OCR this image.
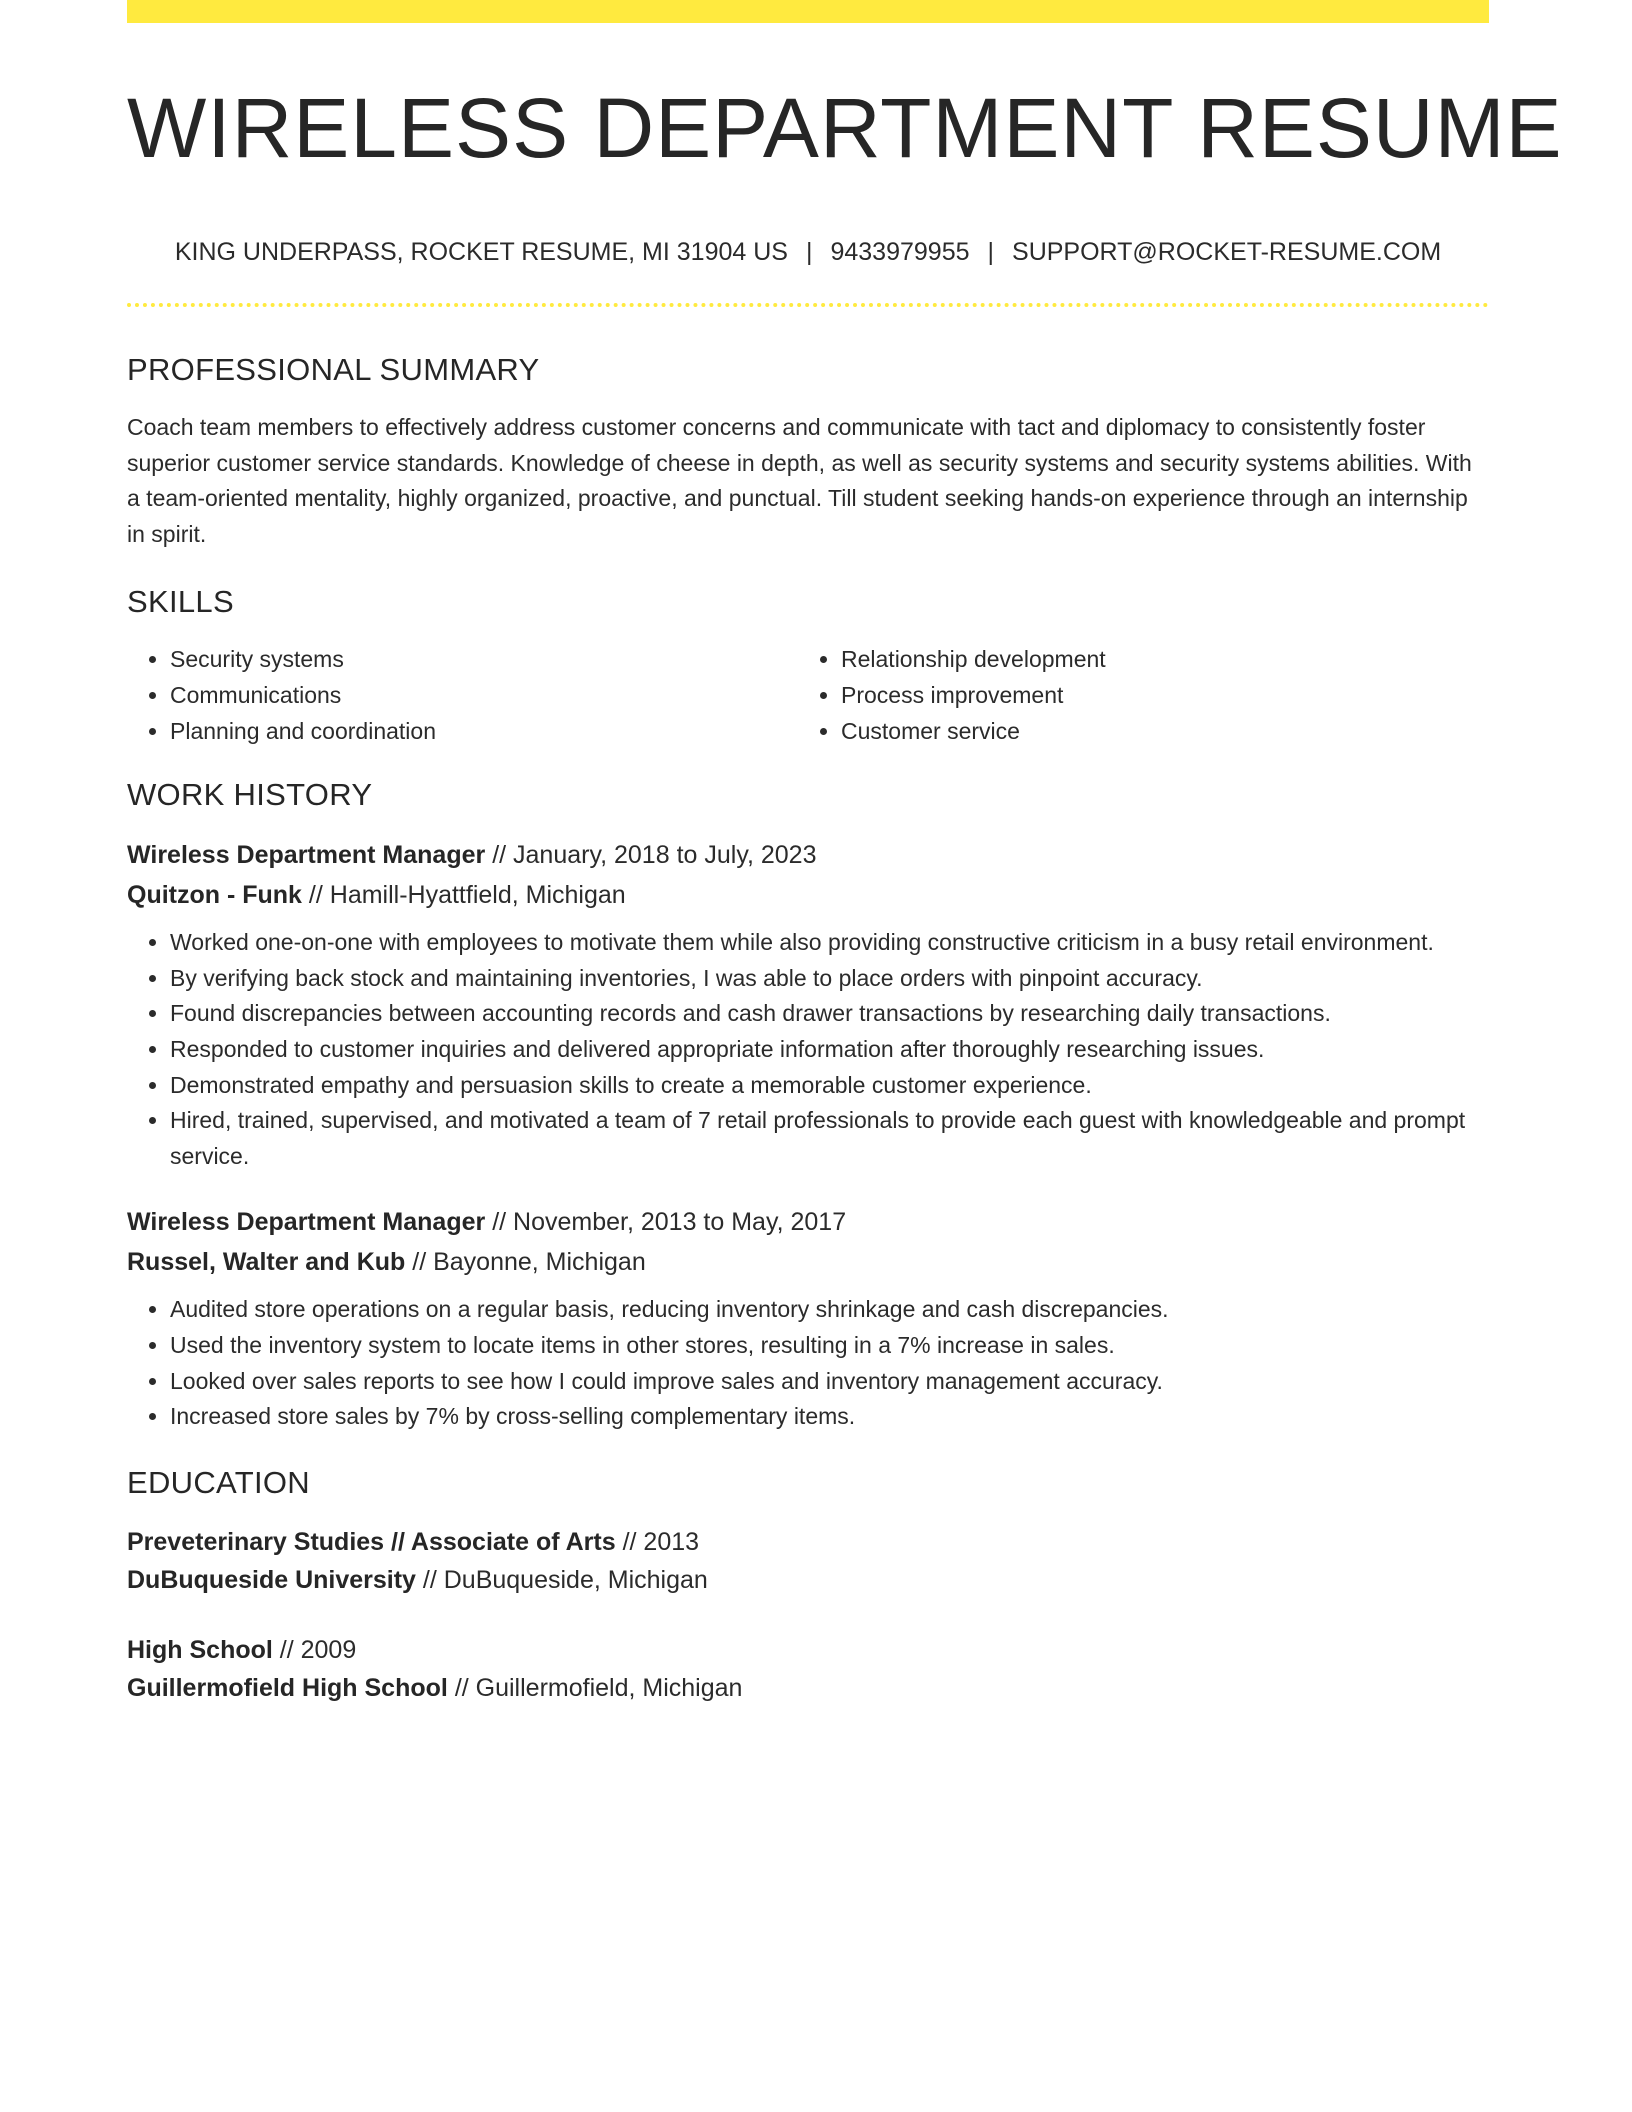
WIRELESS DEPARTMENT RESUME
KING UNDERPASS, ROCKET RESUME, MI 31904 US | 9433979955 | SUPPORT@ROCKET-RESUME.COM
PROFESSIONAL SUMMARY

Coach team members to effectively address customer concerns and communicate with tact and diplomacy to consistently foster superior customer service standards. Knowledge of cheese in depth, as well as security systems and security systems abilities. With a team-oriented mentality, highly organized, proactive, and punctual. Till student seeking hands-on experience through an internship in spirit.

SKILLS
• Security systems
• Communications
• Planning and coordination
• Relationship development
• Process improvement
• Customer service
WORK HISTORY
Wireless Department Manager // January, 2018 to July, 2023
Quitzon - Funk // Hamill-Hyattfield, Michigan
• Worked one-on-one with employees to motivate them while also providing constructive criticism in a busy retail environment.
• By verifying back stock and maintaining inventories, I was able to place orders with pinpoint accuracy.
• Found discrepancies between accounting records and cash drawer transactions by researching daily transactions.
• Responded to customer inquiries and delivered appropriate information after thoroughly researching issues.
• Demonstrated empathy and persuasion skills to create a memorable customer experience.
• Hired, trained, supervised, and motivated a team of 7 retail professionals to provide each guest with knowledgeable and prompt service.
Wireless Department Manager // November, 2013 to May, 2017
Russel, Walter and Kub // Bayonne, Michigan
• Audited store operations on a regular basis, reducing inventory shrinkage and cash discrepancies.
• Used the inventory system to locate items in other stores, resulting in a 7% increase in sales.
• Looked over sales reports to see how I could improve sales and inventory management accuracy.
• Increased store sales by 7% by cross-selling complementary items.
EDUCATION
Preveterinary Studies // Associate of Arts // 2013
DuBuqueside University // DuBuqueside, Michigan
High School // 2009
Guillermofield High School // Guillermofield, Michigan
